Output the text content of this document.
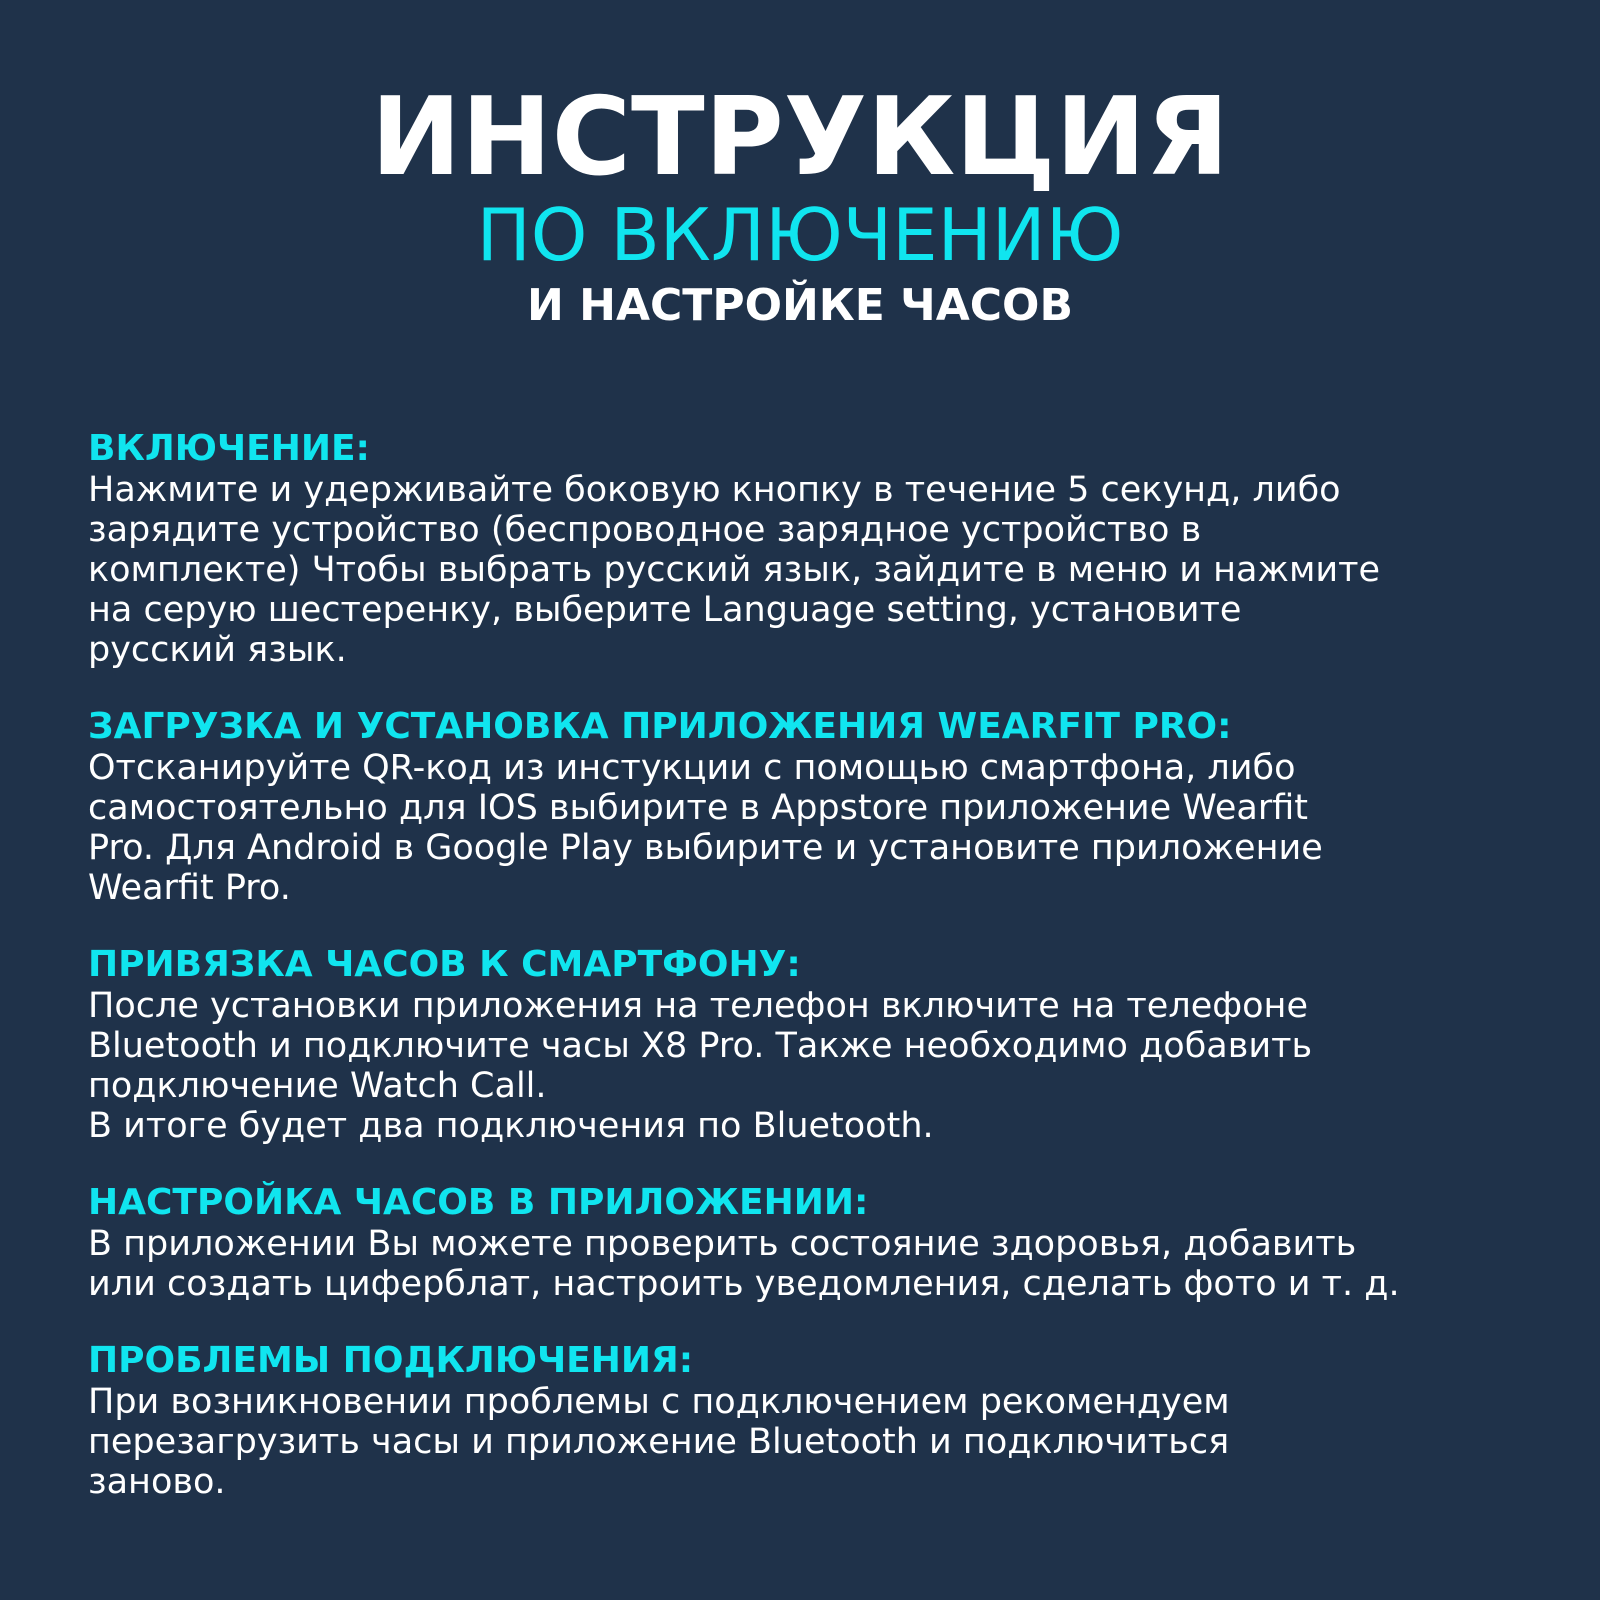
ИНСТРУКЦИЯ
ПО ВКЛЮЧЕНИЮ
И НАСТРОЙКЕ ЧАСОВ
ВКЛЮЧЕНИЕ:
Нажмите и удерживайте боковую кнопку в течение 5 секунд, либо
зарядите устройство (беспроводное зарядное устройство в
комплекте) Чтобы выбрать русский язык, зайдите в меню и нажмите
на серую шестеренку, выберите Language setting, установите
русский язык.
ЗАГРУЗКА И УСТАНОВКА ПРИЛОЖЕНИЯ WEARFIT PRO:
Отсканируйте QR-код из инстукции с помощью смартфона, либо
самостоятельно для IOS выбирите в Appstore приложение Wearfit
Pro. Для Android в Google Play выбирите и установите приложение
Wearfit Pro.
ПРИВЯЗКА ЧАСОВ К СМАРТФОНУ:
После установки приложения на телефон включите на телефоне
Bluetooth и подключите часы X8 Pro. Также необходимо добавить
подключение Watch Call.
В итоге будет два подключения по Bluetooth.
НАСТРОЙКА ЧАСОВ В ПРИЛОЖЕНИИ:
В приложении Вы можете проверить состояние здоровья, добавить
или создать циферблат, настроить уведомления, сделать фото и т. д.
ПРОБЛЕМЫ ПОДКЛЮЧЕНИЯ:
При возникновении проблемы с подключением рекомендуем
перезагрузить часы и приложение Bluetooth и подключиться
заново.
